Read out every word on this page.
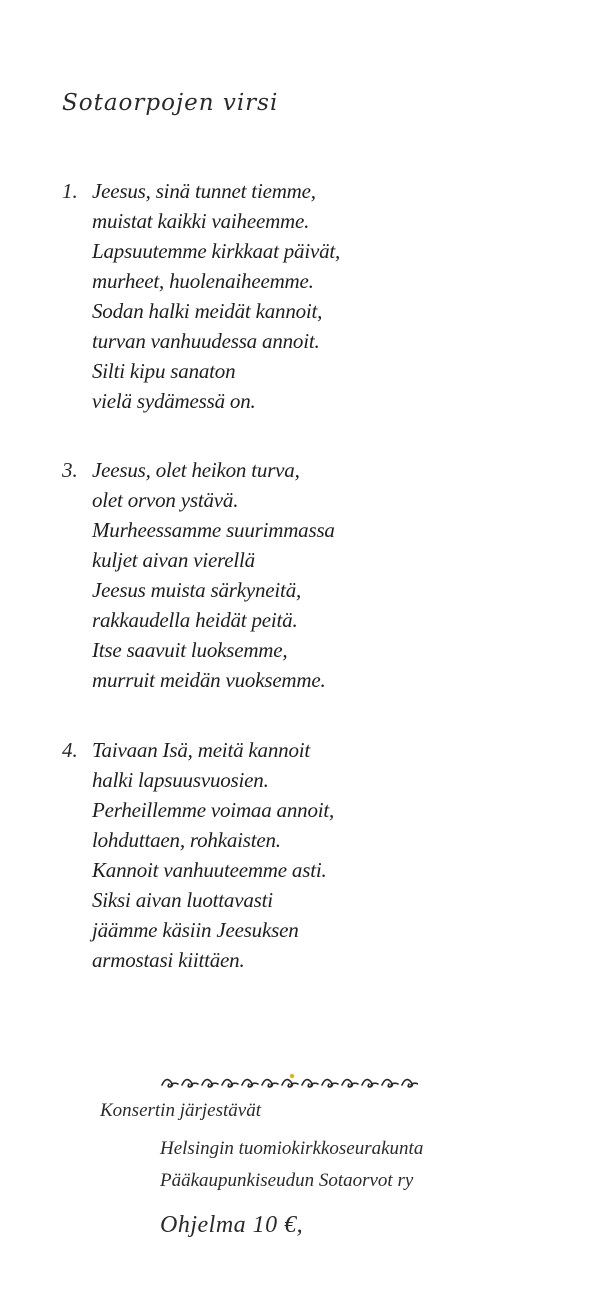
Sotaorpojen virsi
1. Jeesus, sinä tunnet tiemme,
muistat kaikki vaiheemme.
Lapsuutemme kirkkaat päivät,
murheet, huolenaiheemme.
Sodan halki meidät kannoit,
turvan vanhuudessa annoit.
Silti kipu sanaton
vielä sydämessä on.
3. Jeesus, olet heikon turva,
olet orvon ystävä.
Murheessamme suurimmassa
kuljet aivan vierellä
Jeesus muista särkyneitä,
rakkaudella heidät peitä.
Itse saavuit luoksemme,
murruit meidän vuoksemme.
4. Taivaan Isä, meitä kannoit
halki lapsuusvuosien.
Perheillemme voimaa annoit,
lohduttaen, rohkaisten.
Kannoit vanhuuteemme asti.
Siksi aivan luottavasti
jäämme käsiin Jeesuksen
armostasi kiittäen.
Konsertin järjestävät
Helsingin tuomiokirkkoseurakunta
Pääkaupunkiseudun Sotaorvot ry
Ohjelma 10 €,
